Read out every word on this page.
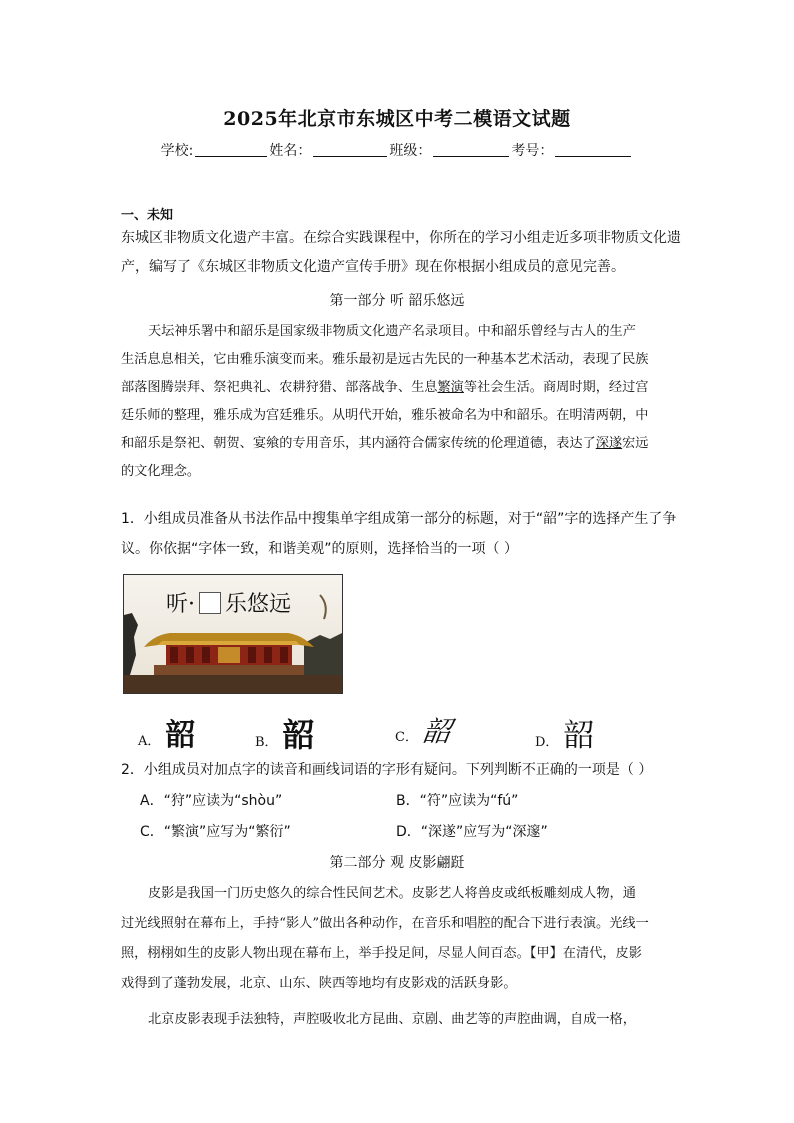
2025年北京市东城区中考二模语文试题
学校:	姓名：	班级：	考号：
一、未知
东城区非物质文化遗产丰富。在综合实践课程中，你所在的学习小组走近多项非物质文化遗
产，编写了《东城区非物质文化遗产宣传手册》现在你根据小组成员的意见完善。
第一部分 听 韶乐悠远
天坛神乐署中和韶乐是国家级非物质文化遗产名录项目。中和韶乐曾经与古人的生产
生活息息相关，它由雅乐演变而来。雅乐最初是远古先民的一种基本艺术活动，表现了民族
部落图腾崇拜、祭祀典礼、农耕狩猎、部落战争、生息繁演等社会生活。商周时期，经过宫
廷乐师的整理，雅乐成为宫廷雅乐。从明代开始，雅乐被命名为中和韶乐。在明清两朝，中
和韶乐是祭祀、朝贺、宴飨的专用音乐，其内涵符合儒家传统的伦理道德，表达了深遂宏远
的文化理念。
1．小组成员准备从书法作品中搜集单字组成第一部分的标题，对于“韶”字的选择产生了争
议。你依据“字体一致，和谐美观”的原则，选择恰当的一项（ ）
听· 乐悠远
A． 韶	B． 韶	C． 韶	D． 韶
2．小组成员对加点字的读音和画线词语的字形有疑问。下列判断不正确的一项是（ ）
A．“狩”应读为“shòu”	B．“符”应读为“fú”
C．“繁演”应写为“繁衍”	D．“深遂”应写为“深邃”
第二部分 观 皮影翩跹
皮影是我国一门历史悠久的综合性民间艺术。皮影艺人将兽皮或纸板雕刻成人物，通
过光线照射在幕布上，手持“影人”做出各种动作，在音乐和唱腔的配合下进行表演。光线一
照，栩栩如生的皮影人物出现在幕布上，举手投足间，尽显人间百态。【甲】在清代，皮影
戏得到了蓬勃发展，北京、山东、陕西等地均有皮影戏的活跃身影。
北京皮影表现手法独特，声腔吸收北方昆曲、京剧、曲艺等的声腔曲调，自成一格，
